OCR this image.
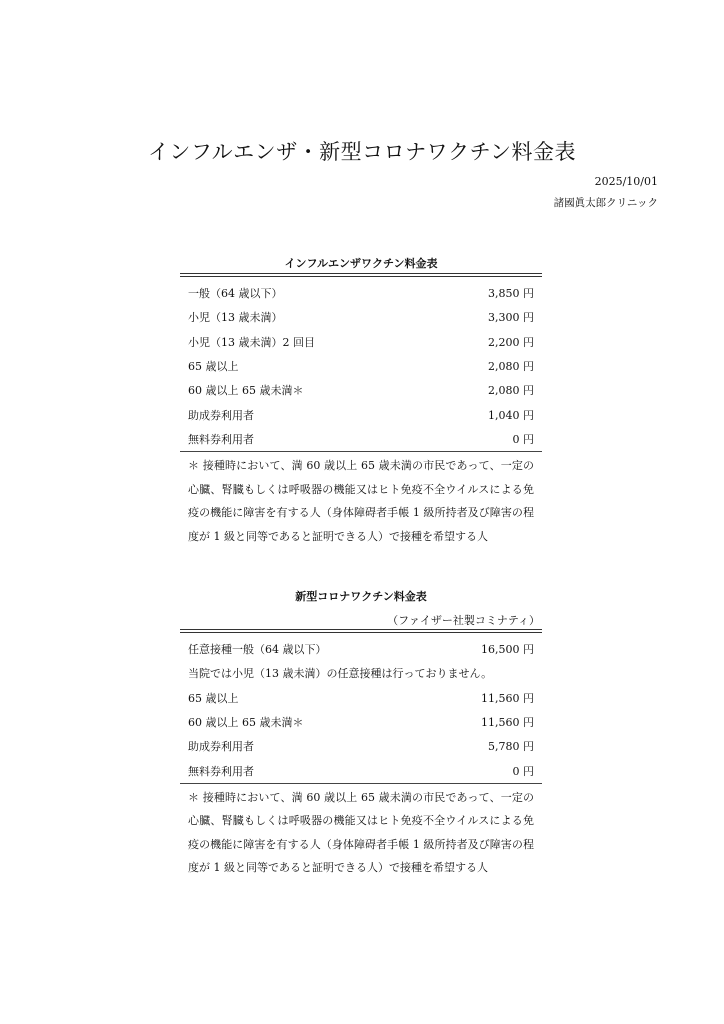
インフルエンザ・新型コロナワクチン料金表
2025/10/01
諸國眞太郎クリニック
インフルエンザワクチン料金表
一般（64 歳以下）	3,850 円
小児（13 歳未満）	3,300 円
小児（13 歳未満）2 回目	2,200 円
65 歳以上	2,080 円
60 歳以上 65 歳未満＊	2,080 円
助成券利用者	1,040 円
無料券利用者	0 円
＊ 接種時において、満 60 歳以上 65 歳未満の市民であって、一定の心臓、腎臓もしくは呼吸器の機能又はヒト免疫不全ウイルスによる免疫の機能に障害を有する人（身体障碍者手帳 1 級所持者及び障害の程度が 1 級と同等であると証明できる人）で接種を希望する人
新型コロナワクチン料金表
（ファイザー社製コミナティ）
任意接種一般（64 歳以下）	16,500 円
当院では小児（13 歳未満）の任意接種は行っておりません。
65 歳以上	11,560 円
60 歳以上 65 歳未満＊	11,560 円
助成券利用者	5,780 円
無料券利用者	0 円
＊ 接種時において、満 60 歳以上 65 歳未満の市民であって、一定の心臓、腎臓もしくは呼吸器の機能又はヒト免疫不全ウイルスによる免疫の機能に障害を有する人（身体障碍者手帳 1 級所持者及び障害の程度が 1 級と同等であると証明できる人）で接種を希望する人
